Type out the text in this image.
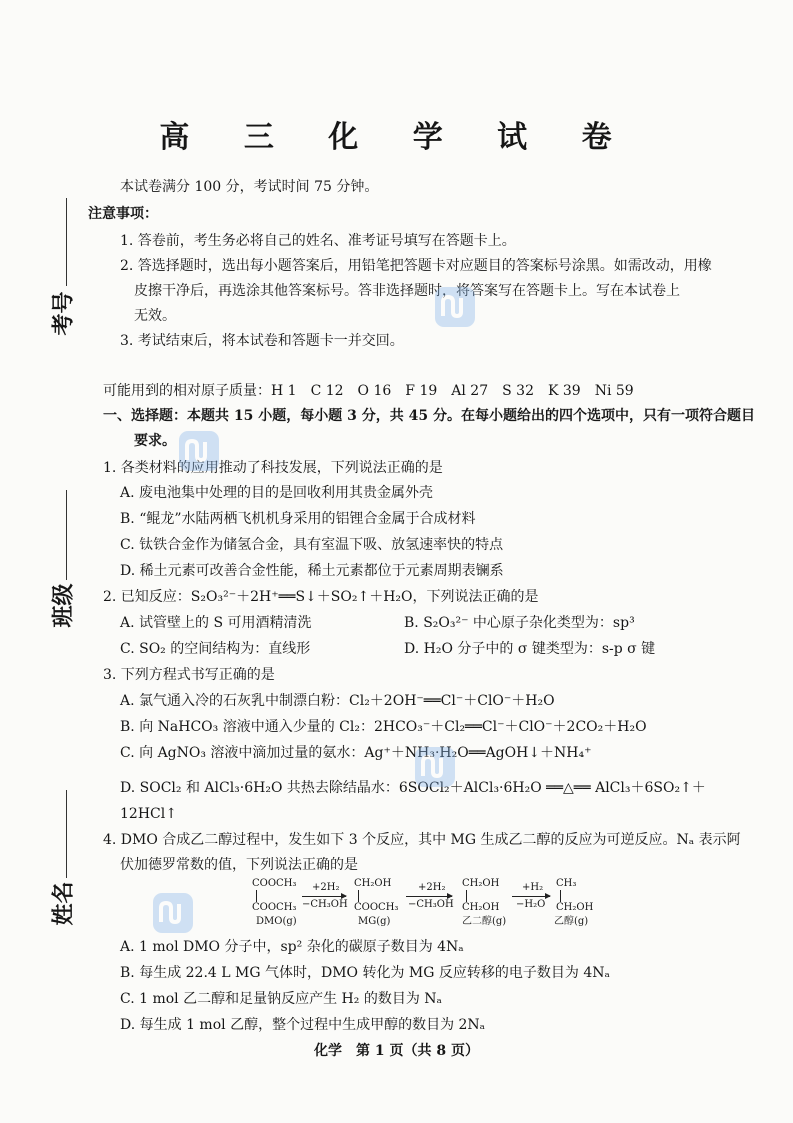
考号
班级
姓名
高 三 化 学 试 卷
本试卷满分 100 分，考试时间 75 分钟。
注意事项：
1. 答卷前，考生务必将自己的姓名、准考证号填写在答题卡上。
2. 答选择题时，选出每小题答案后，用铅笔把答题卡对应题目的答案标号涂黑。如需改动，用橡
皮擦干净后，再选涂其他答案标号。答非选择题时，将答案写在答题卡上。写在本试卷上
无效。
3. 考试结束后，将本试卷和答题卡一并交回。
可能用到的相对原子质量：H 1　C 12　O 16　F 19　Al 27　S 32　K 39　Ni 59
一、选择题：本题共 15 小题，每小题 3 分，共 45 分。在每小题给出的四个选项中，只有一项符合题目
要求。
1. 各类材料的应用推动了科技发展，下列说法正确的是
A. 废电池集中处理的目的是回收利用其贵金属外壳
B. “鲲龙”水陆两栖飞机机身采用的铝锂合金属于合成材料
C. 钛铁合金作为储氢合金，具有室温下吸、放氢速率快的特点
D. 稀土元素可改善合金性能，稀土元素都位于元素周期表镧系
2. 已知反应：S₂O₃²⁻＋2H⁺══S↓＋SO₂↑＋H₂O，下列说法正确的是
A. 试管壁上的 S 可用酒精清洗	B. S₂O₃²⁻ 中心原子杂化类型为：sp³
C. SO₂ 的空间结构为：直线形	D. H₂O 分子中的 σ 键类型为：s-p σ 键
3. 下列方程式书写正确的是
A. 氯气通入冷的石灰乳中制漂白粉：Cl₂＋2OH⁻══Cl⁻＋ClO⁻＋H₂O
B. 向 NaHCO₃ 溶液中通入少量的 Cl₂：2HCO₃⁻＋Cl₂══Cl⁻＋ClO⁻＋2CO₂＋H₂O
C. 向 AgNO₃ 溶液中滴加过量的氨水：Ag⁺＋NH₃·H₂O══AgOH↓＋NH₄⁺
D. SOCl₂ 和 AlCl₃·6H₂O 共热去除结晶水：6SOCl₂＋AlCl₃·6H₂O ══△══ AlCl₃＋6SO₂↑＋
12HCl↑
4. DMO 合成乙二醇过程中，发生如下 3 个反应，其中 MG 生成乙二醇的反应为可逆反应。Nₐ 表示阿
伏加德罗常数的值，下列说法正确的是
COOCH₃
COOCH₃
DMO(g)
+2H₂
−CH₃OH
CH₂OH
COOCH₃
MG(g)
+2H₂
−CH₃OH
CH₂OH
CH₂OH
乙二醇(g)
+H₂
−H₂O
CH₃
CH₂OH
乙醇(g)
A. 1 mol DMO 分子中，sp² 杂化的碳原子数目为 4Nₐ
B. 每生成 22.4 L MG 气体时，DMO 转化为 MG 反应转移的电子数目为 4Nₐ
C. 1 mol 乙二醇和足量钠反应产生 H₂ 的数目为 Nₐ
D. 每生成 1 mol 乙醇，整个过程中生成甲醇的数目为 2Nₐ
化学　第 1 页（共 8 页）
